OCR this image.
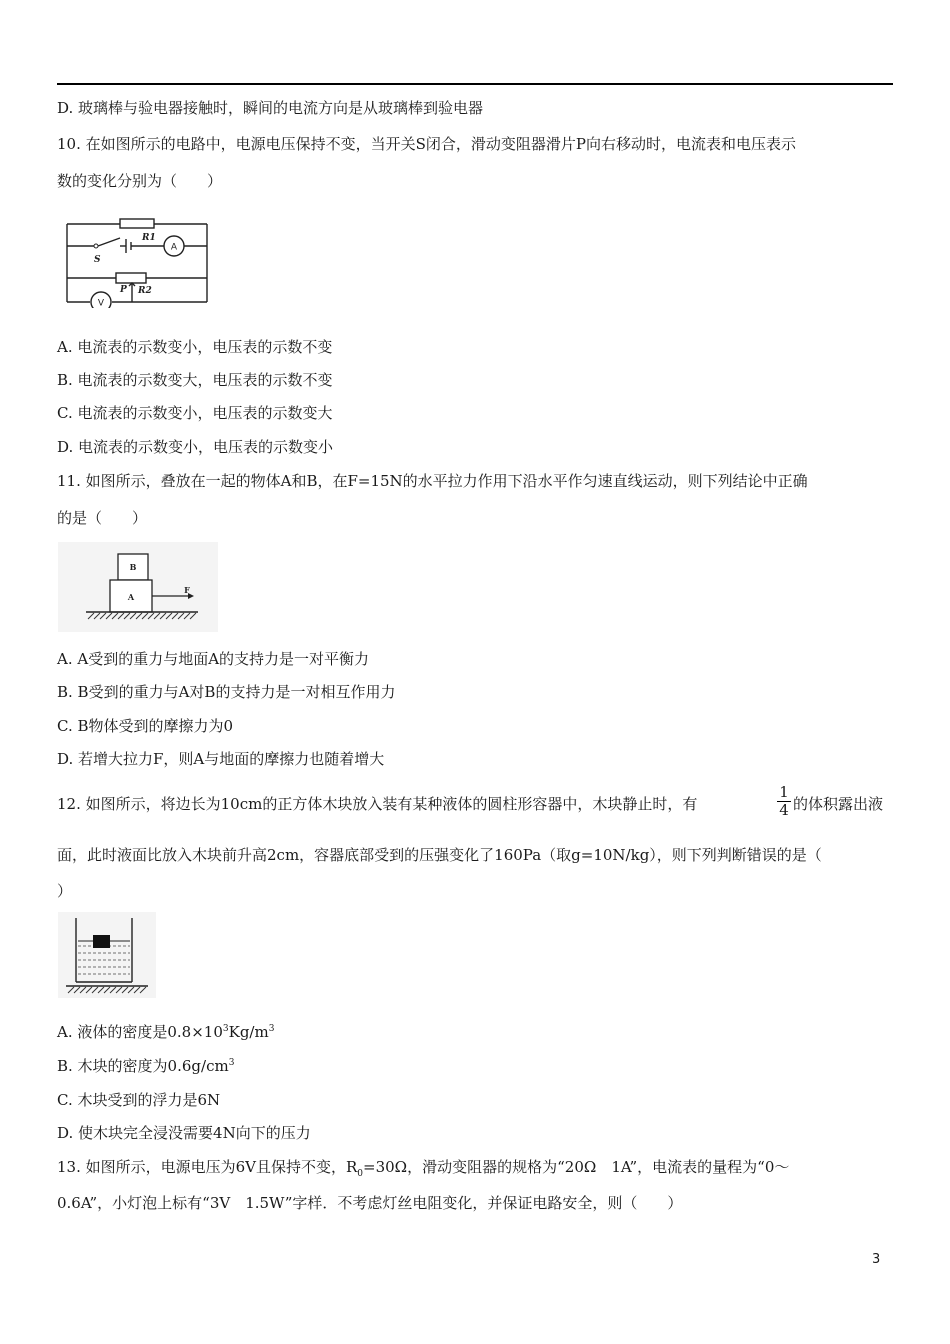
D. 玻璃棒与验电器接触时，瞬间的电流方向是从玻璃棒到验电器
10. 在如图所示的电路中，电源电压保持不变，当开关S闭合，滑动变阻器滑片P向右移动时，电流表和电压表示
数的变化分别为（　　）
R1
S
P R2
A
V
A. 电流表的示数变小，电压表的示数不变
B. 电流表的示数变大，电压表的示数不变
C. 电流表的示数变小，电压表的示数变大
D. 电流表的示数变小，电压表的示数变小
11. 如图所示，叠放在一起的物体A和B，在F=15N的水平拉力作用下沿水平作匀速直线运动，则下列结论中正确
的是（　　）
B
A
F
A. A受到的重力与地面A的支持力是一对平衡力
B. B受到的重力与A对B的支持力是一对相互作用力
C. B物体受到的摩擦力为0
D. 若增大拉力F，则A与地面的摩擦力也随着增大
12. 如图所示，将边长为10cm的正方体木块放入装有某种液体的圆柱形容器中，木块静止时，有
1
4 的体积露出液
面，此时液面比放入木块前升高2cm，容器底部受到的压强变化了160Pa（取g=10N/kg），则下列判断错误的是（
）
A. 液体的密度是$0.8\times 10^3Kg/m^3$
B. 木块的密度为$0.6g/cm^3$
C. 木块受到的浮力是6N
D. 使木块完全浸没需要4N向下的压力
13. 如图所示，电源电压为6V且保持不变，$R_0=30\Omega$，滑动变阻器的规格为“20Ω　1A”，电流表的量程为“0～
0.6A”，小灯泡上标有“3V　1.5W”字样．不考虑灯丝电阻变化，并保证电路安全，则（　　）
3
